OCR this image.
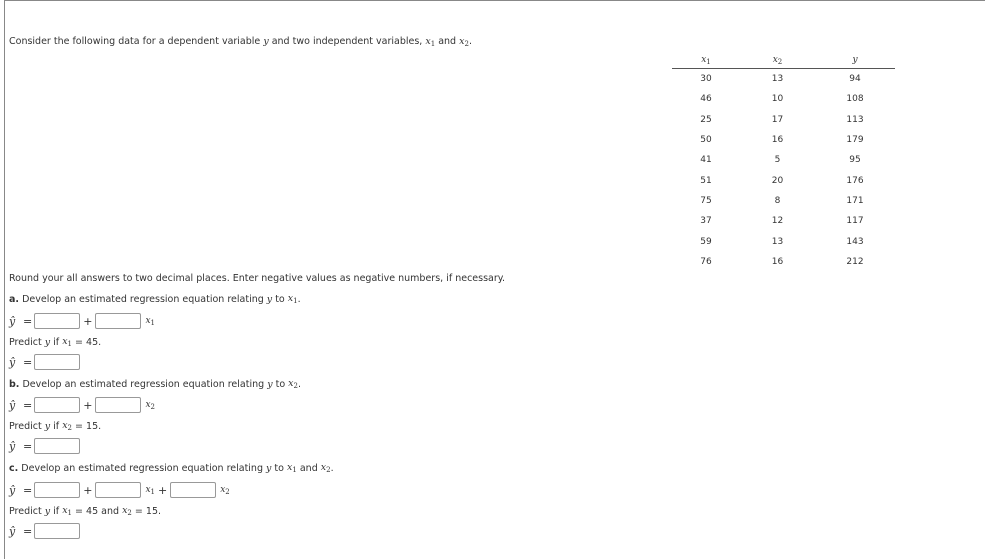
Consider the following data for a dependent variable y and two independent variables, $x_1$ and $x_2$.
$x_1$	$x_2$	y
30	13	94
46	10	108
25	17	113
50	16	179
41	5	95
51	20	176
75	8	171
37	12	117
59	13	143
76	16	212
Round your all answers to two decimal places. Enter negative values as negative numbers, if necessary.
a.
Develop an estimated regression equation relating
y
to
$x_1$ .
ŷ =	+	$x_1$
Predict
y
if
$x_1$
= 45.
ŷ =
b.
Develop an estimated regression equation relating
y
to
$x_2$ .
ŷ =	+	$x_2$
Predict
y
if
$x_2$
= 15.
ŷ =
c.
Develop an estimated regression equation relating
y
to
$x_1$
and
$x_2$ .
ŷ =	+	$x_1$ +	$x_2$
Predict
y
if
$x_1$
= 45
and
$x_2$
= 15.
ŷ =
